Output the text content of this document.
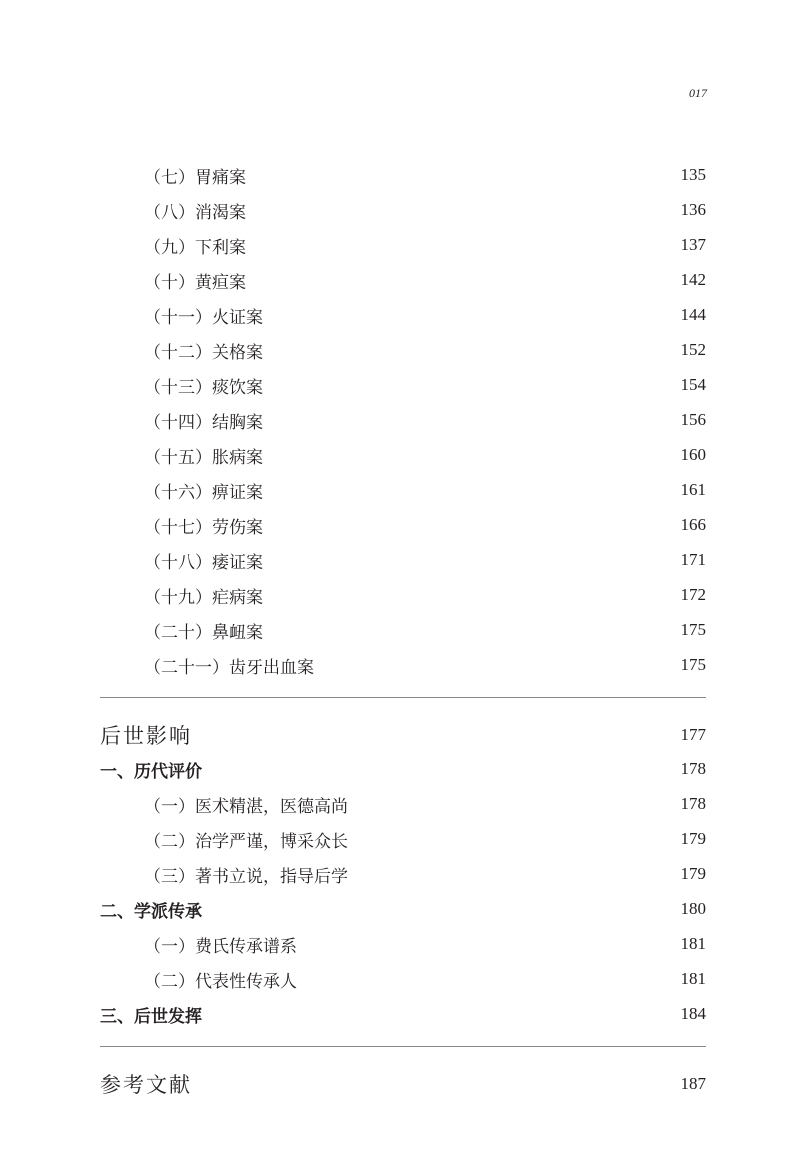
017
（七）胃痛案	135
（八）消渴案	136
（九）下利案	137
（十）黄疸案	142
（十一）火证案	144
（十二）关格案	152
（十三）痰饮案	154
（十四）结胸案	156
（十五）胀病案	160
（十六）痹证案	161
（十七）劳伤案	166
（十八）痿证案	171
（十九）疟病案	172
（二十）鼻衄案	175
（二十一）齿牙出血案	175
后世影响	177
一、历代评价	178
（一）医术精湛，医德高尚	178
（二）治学严谨，博采众长	179
（三）著书立说，指导后学	179
二、学派传承	180
（一）费氏传承谱系	181
（二）代表性传承人	181
三、后世发挥	184
参考文献	187
